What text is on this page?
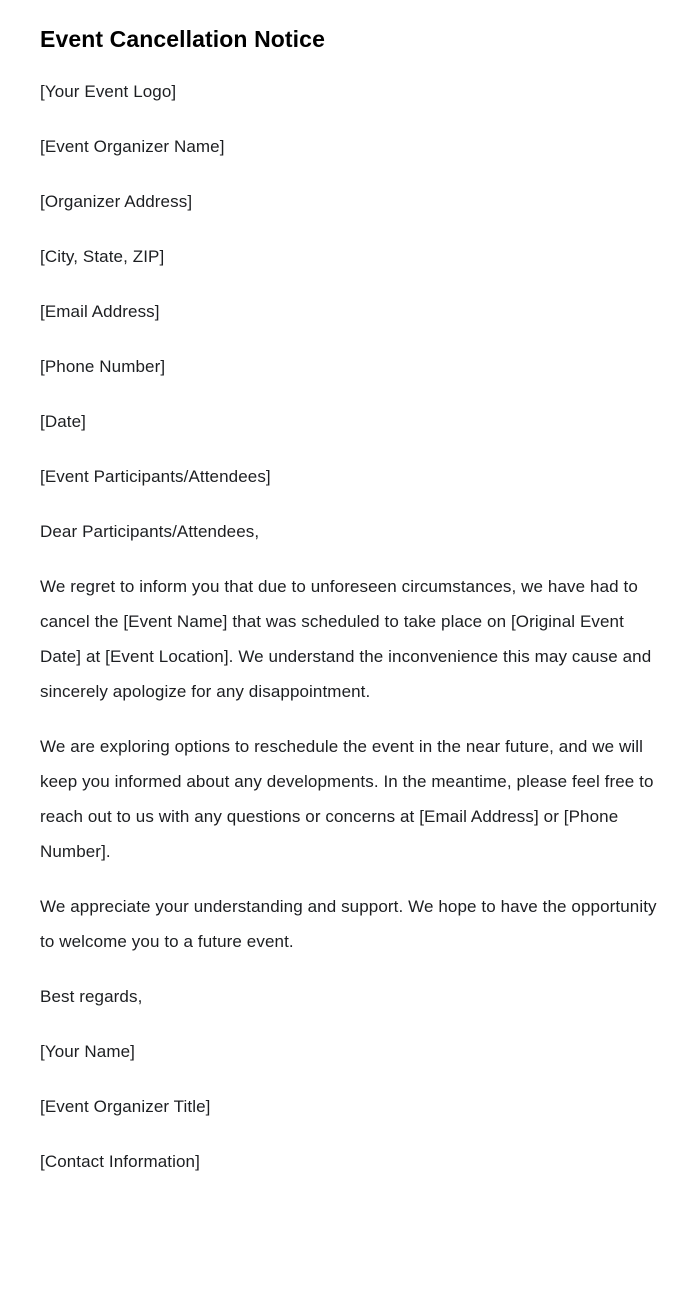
Event Cancellation Notice

[Your Event Logo]

[Event Organizer Name]

[Organizer Address]

[City, State, ZIP]

[Email Address]

[Phone Number]

[Date]

[Event Participants/Attendees]

Dear Participants/Attendees,

We regret to inform you that due to unforeseen circumstances, we have had to cancel the [Event Name] that was scheduled to take place on [Original Event Date] at [Event Location]. We understand the inconvenience this may cause and sincerely apologize for any disappointment.

We are exploring options to reschedule the event in the near future, and we will keep you informed about any developments. In the meantime, please feel free to reach out to us with any questions or concerns at [Email Address] or [Phone Number].

We appreciate your understanding and support. We hope to have the opportunity to welcome you to a future event.

Best regards,

[Your Name]

[Event Organizer Title]

[Contact Information]
